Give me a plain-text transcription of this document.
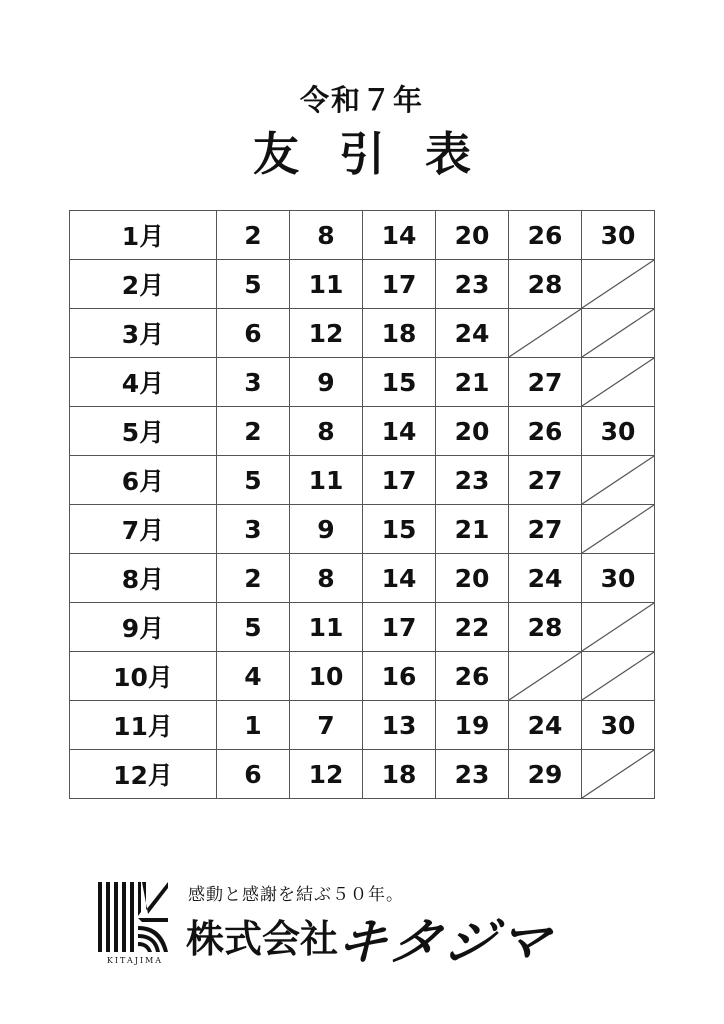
令和７年
友引表
1月	2	8	14	20	26	30
2月	5	11	17	23	28	

3月	6	12	18	24	

4月	3	9	15	21	27	

5月	2	8	14	20	26	30
6月	5	11	17	23	27	

7月	3	9	15	21	27	

8月	2	8	14	20	24	30
9月	5	11	17	22	28	

10月	4	10	16	26	

11月	1	7	13	19	24	30
12月	6	12	18	23	29	
KITAJIMA
感動と感謝を結ぶ５０年。
株式会社
キタジマ
